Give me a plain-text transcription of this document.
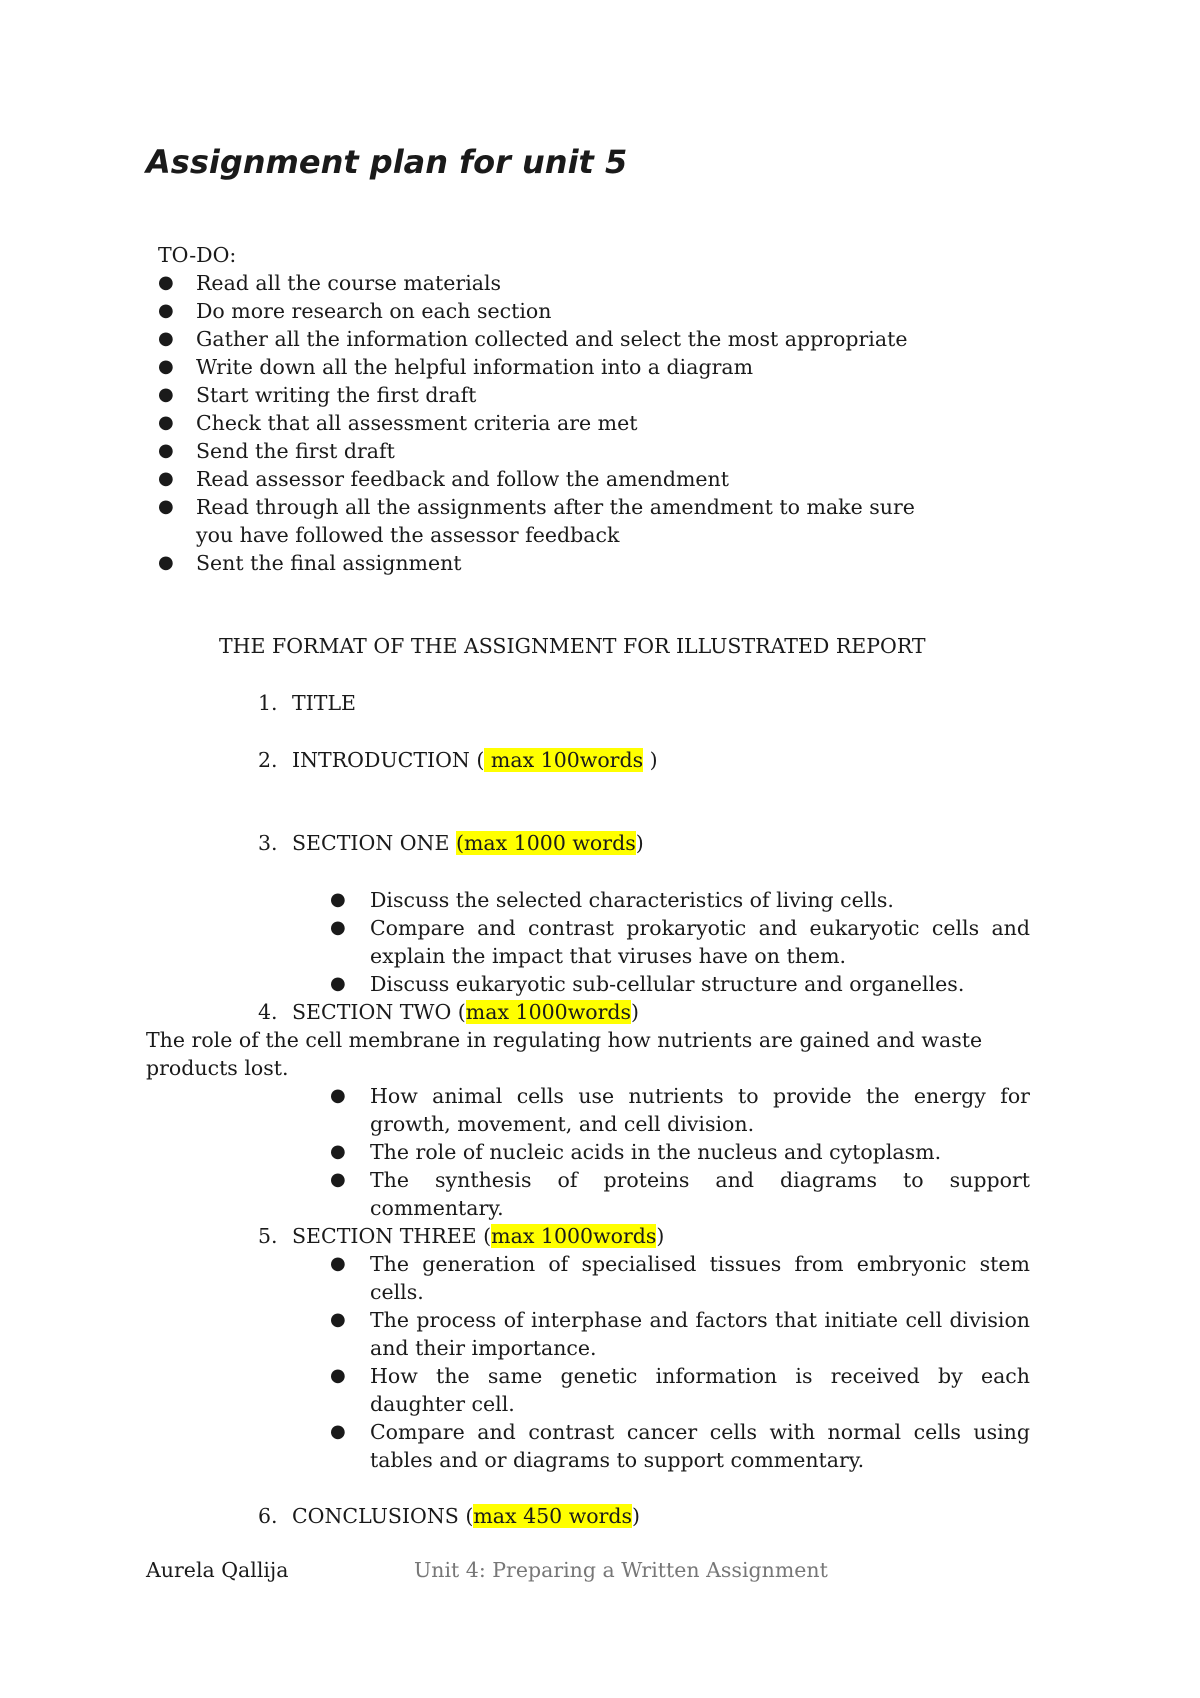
Assignment plan for unit 5
TO-DO:
● Read all the course materials
● Do more research on each section
● Gather all the information collected and select the most appropriate
● Write down all the helpful information into a diagram
● Start writing the first draft
● Check that all assessment criteria are met
● Send the first draft
● Read assessor feedback and follow the amendment
● Read through all the assignments after the amendment to make sure you have followed the assessor feedback
● Sent the final assignment
THE FORMAT OF THE ASSIGNMENT FOR ILLUSTRATED REPORT
1. TITLE
2. INTRODUCTION ( max 100words )
3. SECTION ONE (max 1000 words)
● Discuss the selected characteristics of living cells.
● Compare and contrast prokaryotic and eukaryotic cells and explain the impact that viruses have on them.
● Discuss eukaryotic sub-cellular structure and organelles.
4. SECTION TWO (max 1000words)
The role of the cell membrane in regulating how nutrients are gained and waste products lost.
● How animal cells use nutrients to provide the energy for growth, movement, and cell division.
● The role of nucleic acids in the nucleus and cytoplasm.
● The synthesis of proteins and diagrams to support commentary.
5. SECTION THREE (max 1000words)
● The generation of specialised tissues from embryonic stem cells.
● The process of interphase and factors that initiate cell division and their importance.
● How the same genetic information is received by each daughter cell.
● Compare and contrast cancer cells with normal cells using tables and or diagrams to support commentary.
6. CONCLUSIONS (max 450 words)
Aurela Qallija	Unit 4: Preparing a Written Assignment
